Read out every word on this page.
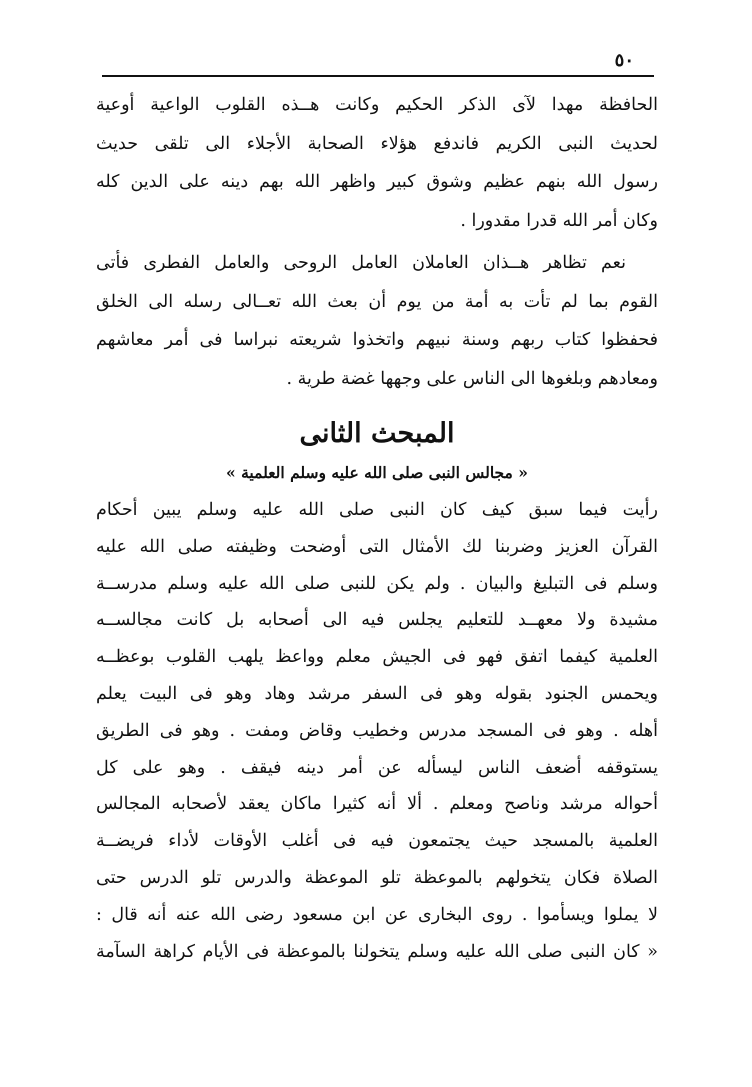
٥٠
الحافظة مهدا لآى الذكر الحكيم وكانت هــذه القلوب الواعية أوعية
لحديث النبى الكريم فاندفع هؤلاء الصحابة الأجلاء الى تلقى حديث
رسول الله بنهم عظيم وشوق كبير واظهر الله بهم دينه على الدين كله
وكان أمر الله قدرا مقدورا .
نعم تظاهر هــذان العاملان العامل الروحى والعامل الفطرى فأتى
القوم بما لم تأت به أمة من يوم أن بعث الله تعــالى رسله الى الخلق
فحفظوا كتاب ربهم وسنة نبيهم واتخذوا شريعته نبراسا فى أمر معاشهم
ومعادهم وبلغوها الى الناس على وجهها غضة طرية .
المبحث الثانى
« مجالس النبى صلى الله عليه وسلم العلمية »
رأيت فيما سبق كيف كان النبى صلى الله عليه وسلم يبين أحكام
القرآن العزيز وضربنا لك الأمثال التى أوضحت وظيفته صلى الله عليه
وسلم فى التبليغ والبيان . ولم يكن للنبى صلى الله عليه وسلم مدرســة
مشيدة ولا معهــد للتعليم يجلس فيه الى أصحابه بل كانت مجالســه
العلمية كيفما اتفق فهو فى الجيش معلم وواعظ يلهب القلوب بوعظــه
ويحمس الجنود بقوله وهو فى السفر مرشد وهاد وهو فى البيت يعلم
أهله . وهو فى المسجد مدرس وخطيب وقاض ومفت . وهو فى الطريق
يستوقفه أضعف الناس ليسأله عن أمر دينه فيقف . وهو على كل
أحواله مرشد وناصح ومعلم . ألا أنه كثيرا ماكان يعقد لأصحابه المجالس
العلمية بالمسجد حيث يجتمعون فيه فى أغلب الأوقات لأداء فريضــة
الصلاة فكان يتخولهم بالموعظة تلو الموعظة والدرس تلو الدرس حتى
لا يملوا ويسأموا . روى البخارى عن ابن مسعود رضى الله عنه أنه قال :
« كان النبى صلى الله عليه وسلم يتخولنا بالموعظة فى الأيام كراهة السآمة
